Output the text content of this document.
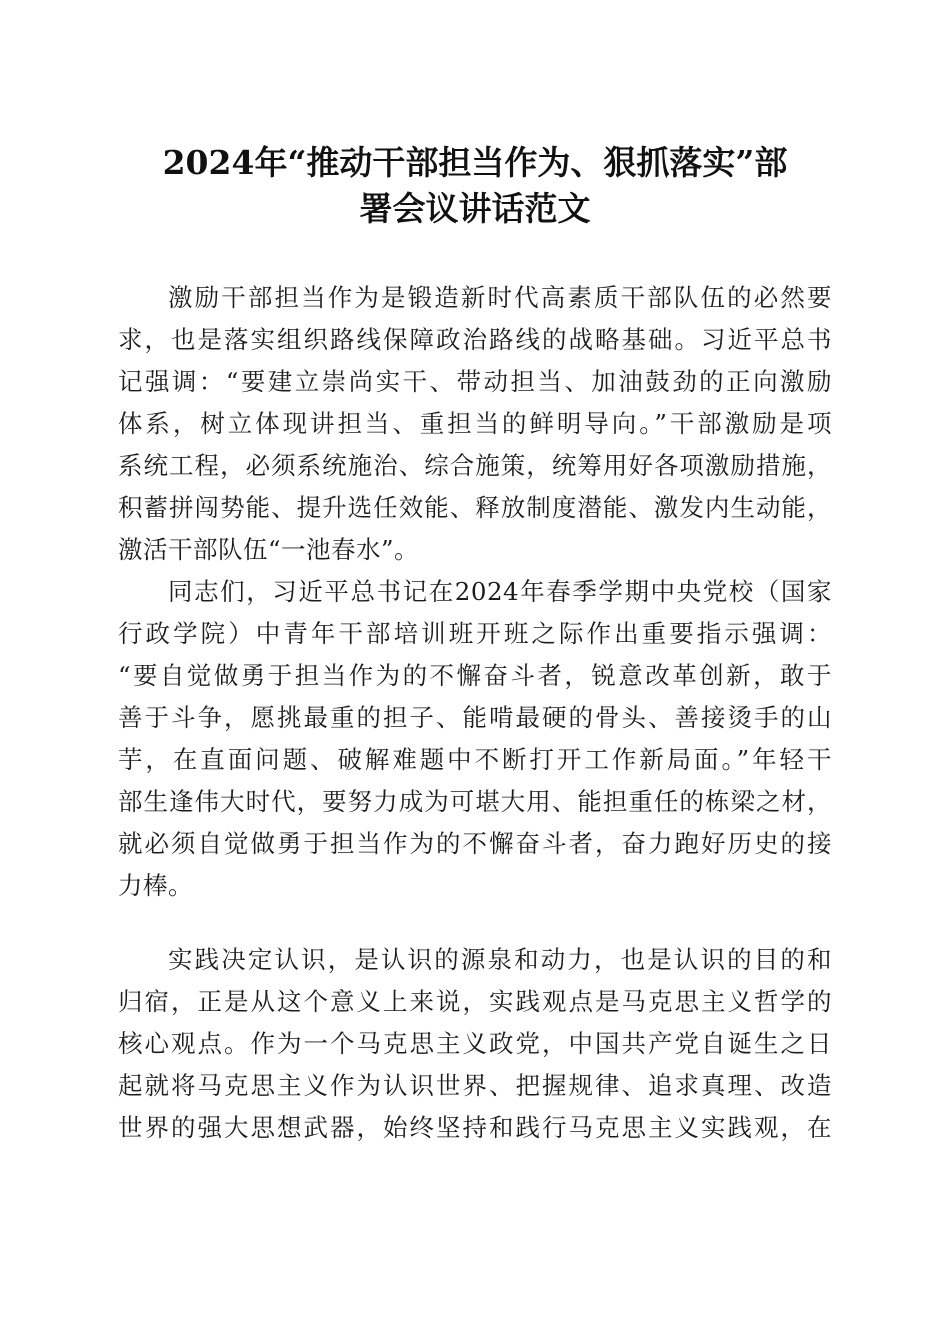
2024年“推动干部担当作为、狠抓落实”部
署会议讲话范文
激励干部担当作为是锻造新时代高素质干部队伍的必然要
求，也是落实组织路线保障政治路线的战略基础。习近平总书
记强调：“要建立崇尚实干、带动担当、加油鼓劲的正向激励
体系，树立体现讲担当、重担当的鲜明导向。”干部激励是项
系统工程，必须系统施治、综合施策，统筹用好各项激励措施，
积蓄拼闯势能、提升选任效能、释放制度潜能、激发内生动能，
激活干部队伍“一池春水”。
同志们，习近平总书记在2024年春季学期中央党校（国家
行政学院）中青年干部培训班开班之际作出重要指示强调：
“要自觉做勇于担当作为的不懈奋斗者，锐意改革创新，敢于
善于斗争，愿挑最重的担子、能啃最硬的骨头、善接烫手的山
芋，在直面问题、破解难题中不断打开工作新局面。”年轻干
部生逢伟大时代，要努力成为可堪大用、能担重任的栋梁之材，
就必须自觉做勇于担当作为的不懈奋斗者，奋力跑好历史的接
力棒。
实践决定认识，是认识的源泉和动力，也是认识的目的和
归宿，正是从这个意义上来说，实践观点是马克思主义哲学的
核心观点。作为一个马克思主义政党，中国共产党自诞生之日
起就将马克思主义作为认识世界、把握规律、追求真理、改造
世界的强大思想武器，始终坚持和践行马克思主义实践观，在
